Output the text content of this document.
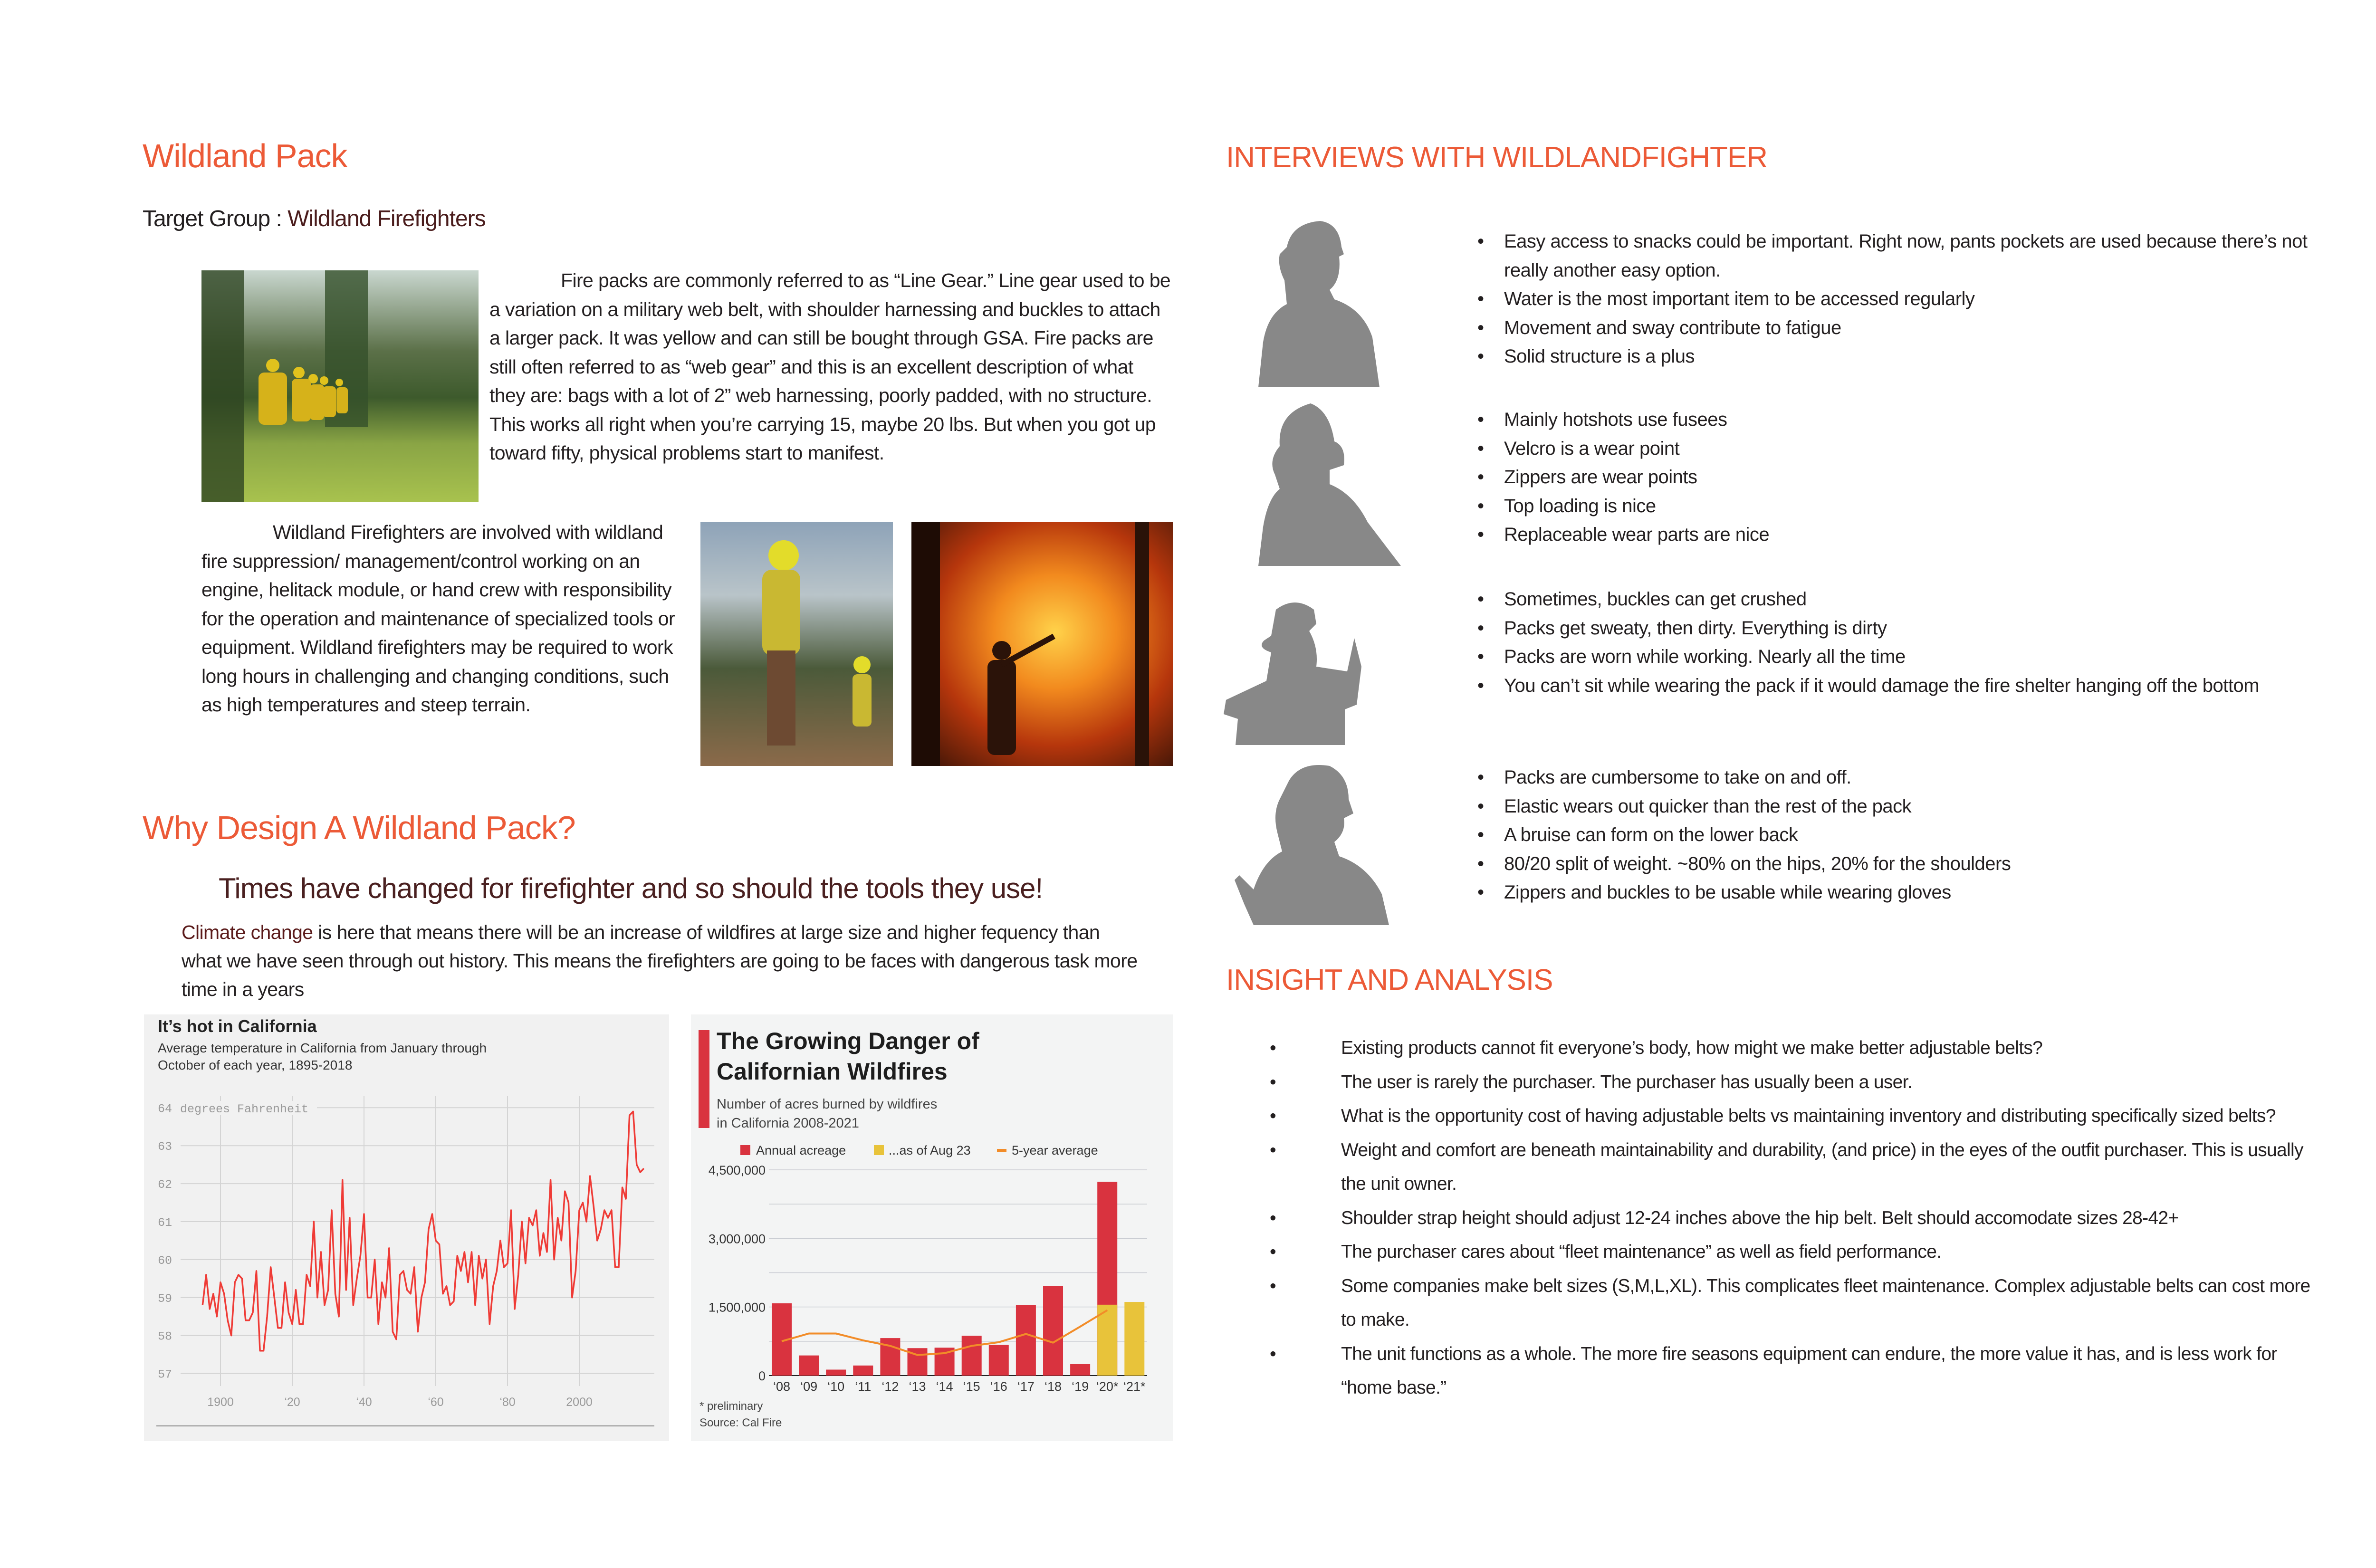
Wildland Pack
Target Group : Wildland Firefighters

Fire packs are commonly referred to as “Line Gear.” Line gear used to be a variation on a military web belt, with shoulder harnessing and buckles to attach a larger pack. It was yellow and can still be bought through GSA. Fire packs are still often referred to as “web gear” and this is an excellent description of what they are: bags with a lot of 2” web harnessing, poorly padded, with no structure. This works all right when you’re carrying 15, maybe 20 lbs. But when you got up toward fifty, physical problems start to manifest.

Wildland Firefighters are involved with wildland fire suppression/ management/control working on an engine, helitack module, or hand crew with responsibility for the operation and maintenance of specialized tools or equipment. Wildland firefighters may be required to work long hours in challenging and changing conditions, such as high temperatures and steep terrain.

Why Design A Wildland Pack?
Times have changed for firefighter and so should the tools they use!
Climate change is here that means there will be an increase of wildfires at large size and higher fequency than what we have seen through out history. This means the firefighters are going to be faces with dangerous task more time in a years
It’s hot in California
Average temperature in California from January through
October of each year, 1895-2018
57
58
59
60
61
62
63
64
1900	‘20	‘40	‘60	‘80	2000
degrees Fahrenheit
The Growing Danger of
Californian Wildfires
Number of acres burned by wildfires
in California 2008-2021
Annual acreage	...as of Aug 23	5-year average
0
1,500,000
3,000,000
4,500,000
‘08 ‘09 ‘10 ‘11 ‘12 ‘13 ‘14 ‘15 ‘16 ‘17 ‘18 ‘19 ‘20* ‘21*
* preliminary
Source: Cal Fire
INTERVIEWS WITH WILDLANDFIGHTER
• Easy access to snacks could be important. Right now, pants pockets are used because there’s not really another easy option.
• Water is the most important item to be accessed regularly
• Movement and sway contribute to fatigue
• Solid structure is a plus
• Mainly hotshots use fusees
• Velcro is a wear point
• Zippers are wear points
• Top loading is nice
• Replaceable wear parts are nice
• Sometimes, buckles can get crushed
• Packs get sweaty, then dirty. Everything is dirty
• Packs are worn while working. Nearly all the time
• You can’t sit while wearing the pack if it would damage the fire shelter hanging off the bottom
• Packs are cumbersome to take on and off.
• Elastic wears out quicker than the rest of the pack
• A bruise can form on the lower back
• 80/20 split of weight. ~80% on the hips, 20% for the shoulders
• Zippers and buckles to be usable while wearing gloves
INSIGHT AND ANALYSIS
• Existing products cannot fit everyone’s body, how might we make better adjustable belts?
• The user is rarely the purchaser. The purchaser has usually been a user.
• What is the opportunity cost of having adjustable belts vs maintaining inventory and distributing specifically sized belts?
• Weight and comfort are beneath maintainability and durability, (and price) in the eyes of the outfit purchaser. This is usually the unit owner.
• Shoulder strap height should adjust 12-24 inches above the hip belt. Belt should accomodate sizes 28-42+
• The purchaser cares about “fleet maintenance” as well as field performance.
• Some companies make belt sizes (S,M,L,XL). This complicates fleet maintenance. Complex adjustable belts can cost more to make.
• The unit functions as a whole. The more fire seasons equipment can endure, the more value it has, and is less work for “home base.”
